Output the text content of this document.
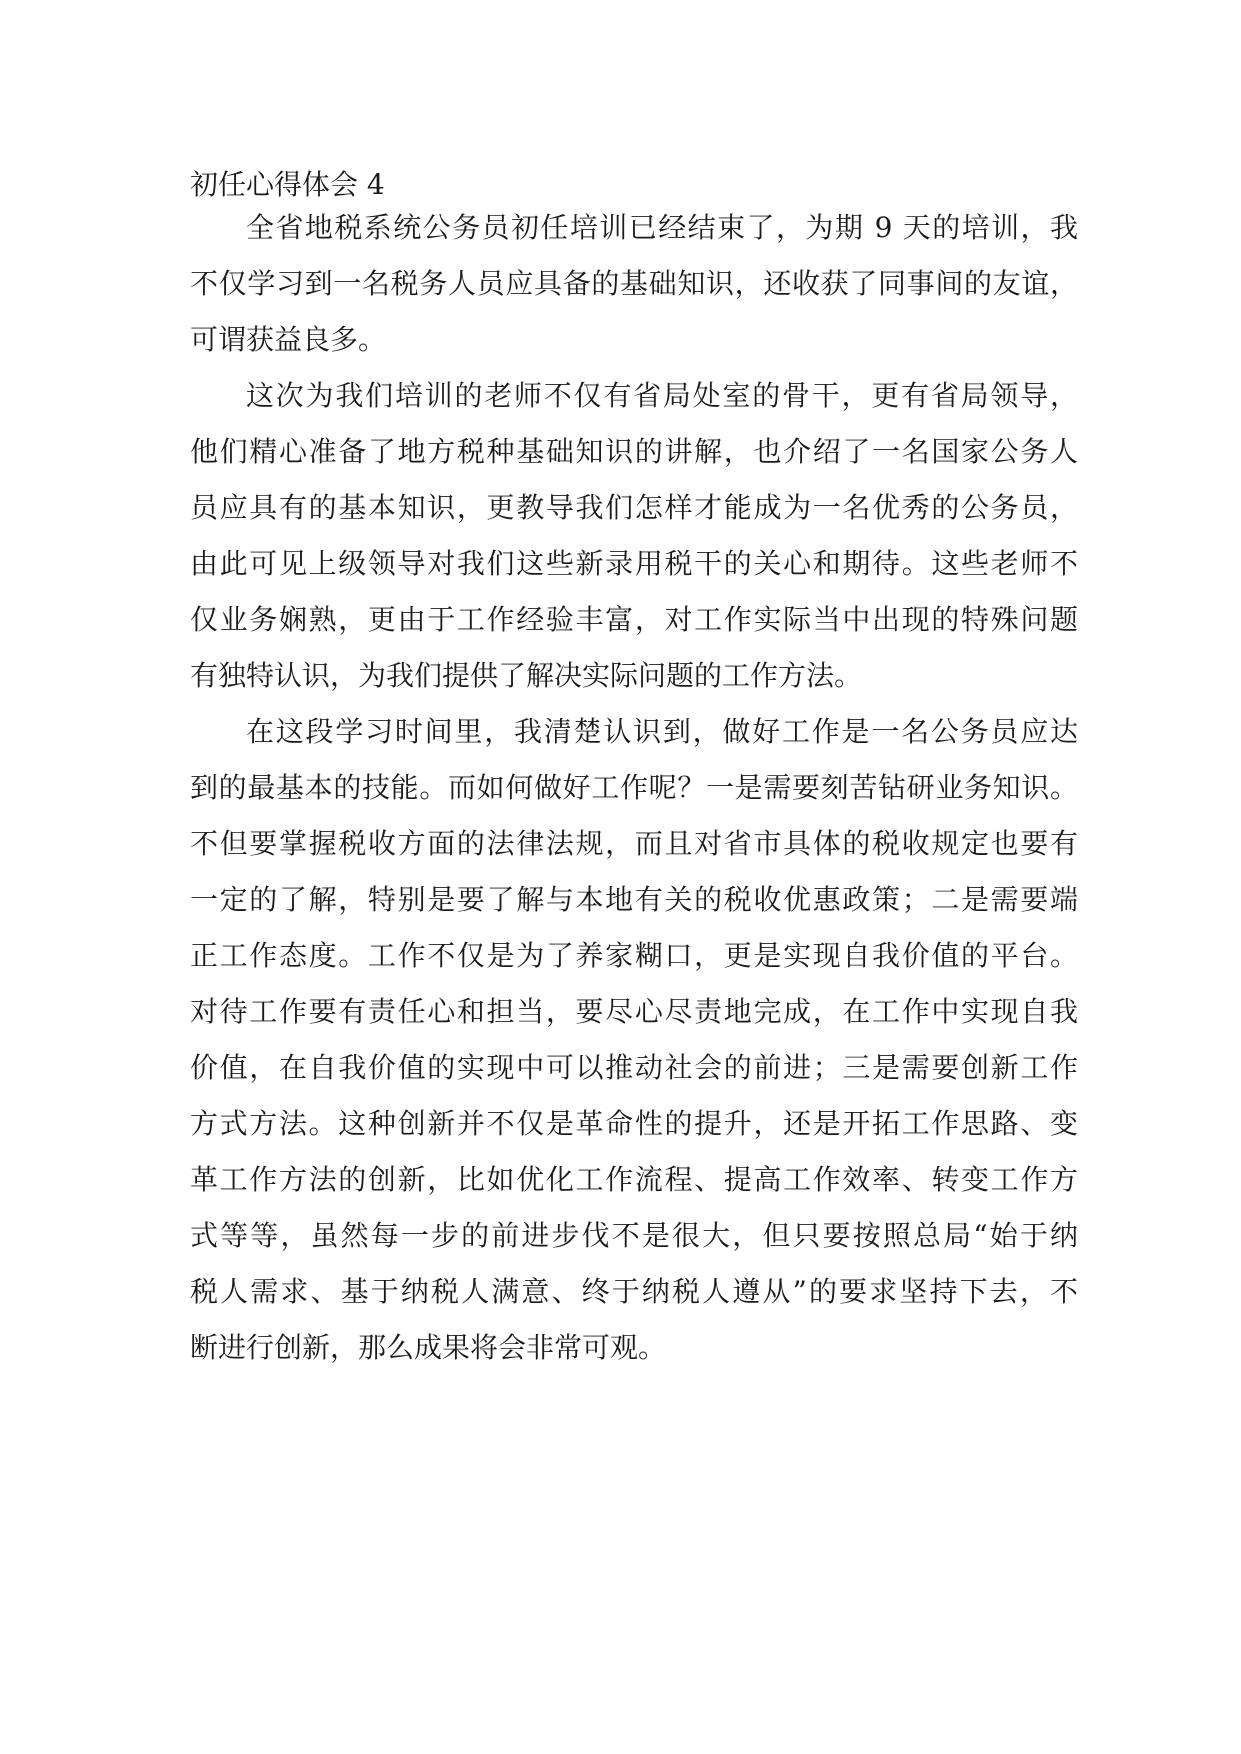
初任心得体会 4

全省地税系统公务员初任培训已经结束了，为期 9 天的培训，我

不仅学习到一名税务人员应具备的基础知识，还收获了同事间的友谊，

可谓获益良多。

这次为我们培训的老师不仅有省局处室的骨干，更有省局领导，

他们精心准备了地方税种基础知识的讲解，也介绍了一名国家公务人

员应具有的基本知识，更教导我们怎样才能成为一名优秀的公务员，

由此可见上级领导对我们这些新录用税干的关心和期待。这些老师不

仅业务娴熟，更由于工作经验丰富，对工作实际当中出现的特殊问题

有独特认识，为我们提供了解决实际问题的工作方法。

在这段学习时间里，我清楚认识到，做好工作是一名公务员应达

到的最基本的技能。而如何做好工作呢？一是需要刻苦钻研业务知识。

不但要掌握税收方面的法律法规，而且对省市具体的税收规定也要有

一定的了解，特别是要了解与本地有关的税收优惠政策；二是需要端

正工作态度。工作不仅是为了养家糊口，更是实现自我价值的平台。

对待工作要有责任心和担当，要尽心尽责地完成，在工作中实现自我

价值，在自我价值的实现中可以推动社会的前进；三是需要创新工作

方式方法。这种创新并不仅是革命性的提升，还是开拓工作思路、变

革工作方法的创新，比如优化工作流程、提高工作效率、转变工作方

式等等，虽然每一步的前进步伐不是很大，但只要按照总局“始于纳

税人需求、基于纳税人满意、终于纳税人遵从”的要求坚持下去，不

断进行创新，那么成果将会非常可观。
